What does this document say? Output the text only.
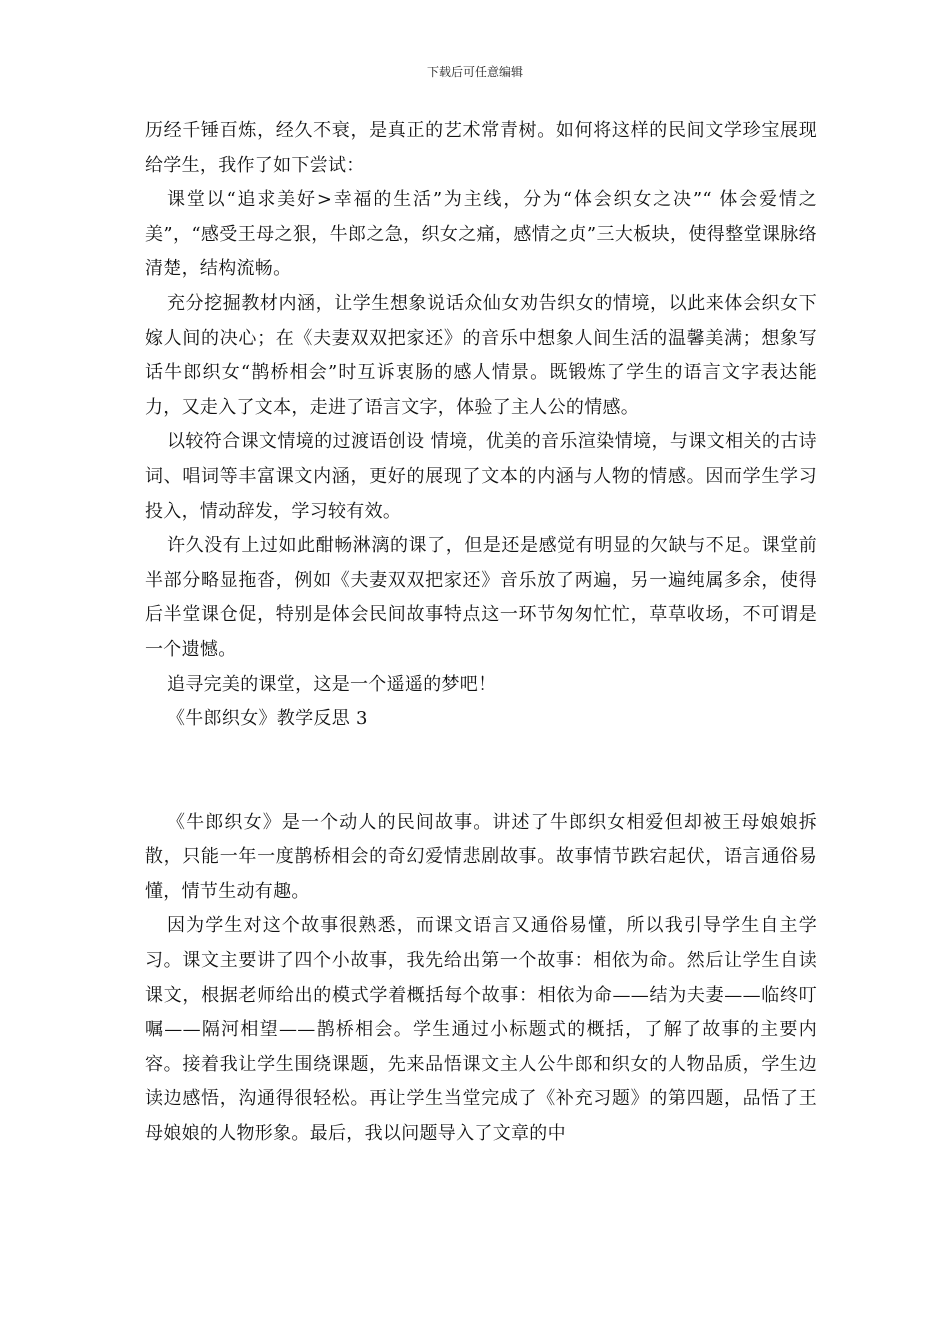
下载后可任意编辑

历经千锤百炼，经久不衰，是真正的艺术常青树。如何将这样的民间文学珍宝展现给学生，我作了如下尝试：

课堂以“追求美好>幸福的生活”为主线，分为“体会织女之决”“ 体会爱情之美”，“感受王母之狠，牛郎之急，织女之痛，感情之贞”三大板块，使得整堂课脉络清楚，结构流畅。

充分挖掘教材内涵，让学生想象说话众仙女劝告织女的情境，以此来体会织女下嫁人间的决心；在《夫妻双双把家还》的音乐中想象人间生活的温馨美满；想象写话牛郎织女“鹊桥相会”时互诉衷肠的感人情景。既锻炼了学生的语言文字表达能力，又走入了文本，走进了语言文字，体验了主人公的情感。

以较符合课文情境的过渡语创设 情境，优美的音乐渲染情境，与课文相关的古诗词、唱词等丰富课文内涵，更好的展现了文本的内涵与人物的情感。因而学生学习投入，情动辞发，学习较有效。

许久没有上过如此酣畅淋漓的课了，但是还是感觉有明显的欠缺与不足。课堂前半部分略显拖沓，例如《夫妻双双把家还》音乐放了两遍，另一遍纯属多余，使得后半堂课仓促，特别是体会民间故事特点这一环节匆匆忙忙，草草收场，不可谓是一个遗憾。

追寻完美的课堂，这是一个遥遥的梦吧！

《牛郎织女》教学反思 3

《牛郎织女》是一个动人的民间故事。讲述了牛郎织女相爱但却被王母娘娘拆散，只能一年一度鹊桥相会的奇幻爱情悲剧故事。故事情节跌宕起伏，语言通俗易懂，情节生动有趣。

因为学生对这个故事很熟悉，而课文语言又通俗易懂，所以我引导学生自主学习。课文主要讲了四个小故事，我先给出第一个故事：相依为命。然后让学生自读课文，根据老师给出的模式学着概括每个故事：相依为命——结为夫妻——临终叮嘱——隔河相望——鹊桥相会。学生通过小标题式的概括，了解了故事的主要内容。接着我让学生围绕课题，先来品悟课文主人公牛郎和织女的人物品质，学生边读边感悟，沟通得很轻松。再让学生当堂完成了《补充习题》的第四题，品悟了王母娘娘的人物形象。最后，我以问题导入了文章的中
